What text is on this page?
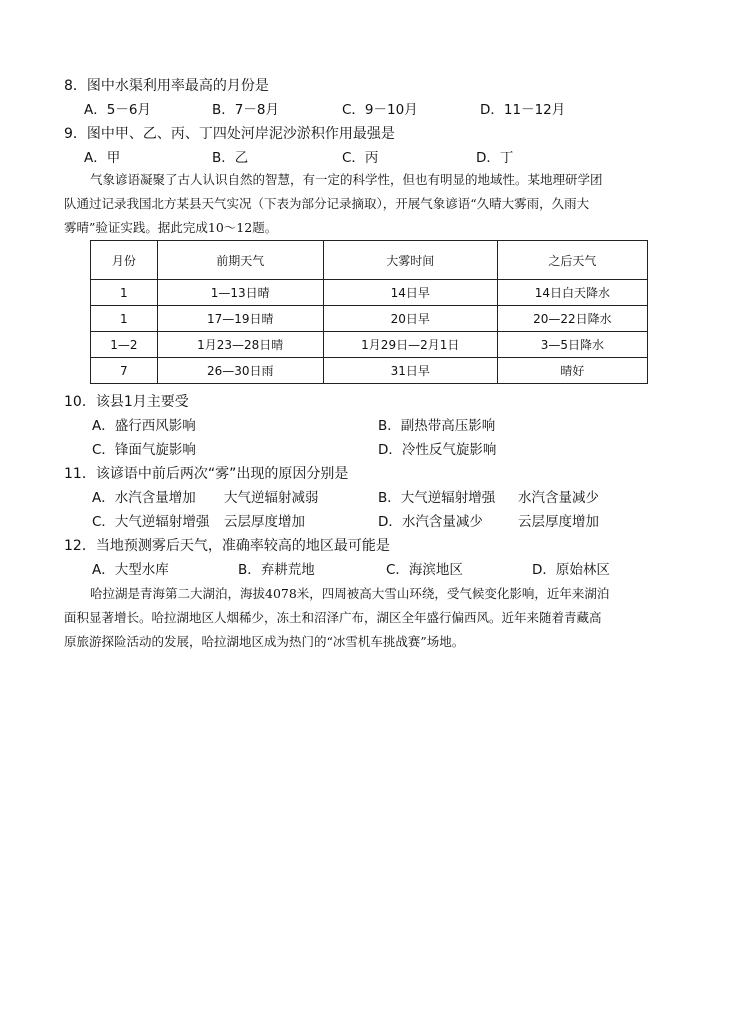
8．图中水渠利用率最高的月份是
A．5－6月	B．7－8月	C．9－10月	D．11－12月
9．图中甲、乙、丙、丁四处河岸泥沙淤积作用最强是
A．甲	B．乙	C．丙	D．丁
气象谚语凝聚了古人认识自然的智慧，有一定的科学性，但也有明显的地域性。某地理研学团
队通过记录我国北方某县天气实况（下表为部分记录摘取），开展气象谚语“久晴大雾雨，久雨大
雾晴”验证实践。据此完成10～12题。
月份	前期天气	大雾时间	之后天气
1	1—13日晴	14日早	14日白天降水
1	17—19日晴	20日早	20—22日降水
1—2	1月23—28日晴	1月29日—2月1日	3—5日降水
7	26—30日雨	31日早	晴好
10．该县1月主要受
A．盛行西风影响	B．副热带高压影响
C．锋面气旋影响	D．冷性反气旋影响
11．该谚语中前后两次“雾”出现的原因分别是
A．水汽含量增加 大气逆辐射减弱	B．大气逆辐射增强 水汽含量减少
C．大气逆辐射增强 云层厚度增加	D．水汽含量减少	云层厚度增加
12．当地预测雾后天气，准确率较高的地区最可能是
A．大型水库	B．弃耕荒地	C．海滨地区	D．原始林区
哈拉湖是青海第二大湖泊，海拔4078米，四周被高大雪山环绕，受气候变化影响，近年来湖泊
面积显著增长。哈拉湖地区人烟稀少，冻土和沼泽广布，湖区全年盛行偏西风。近年来随着青藏高
原旅游探险活动的发展，哈拉湖地区成为热门的“冰雪机车挑战赛”场地。
